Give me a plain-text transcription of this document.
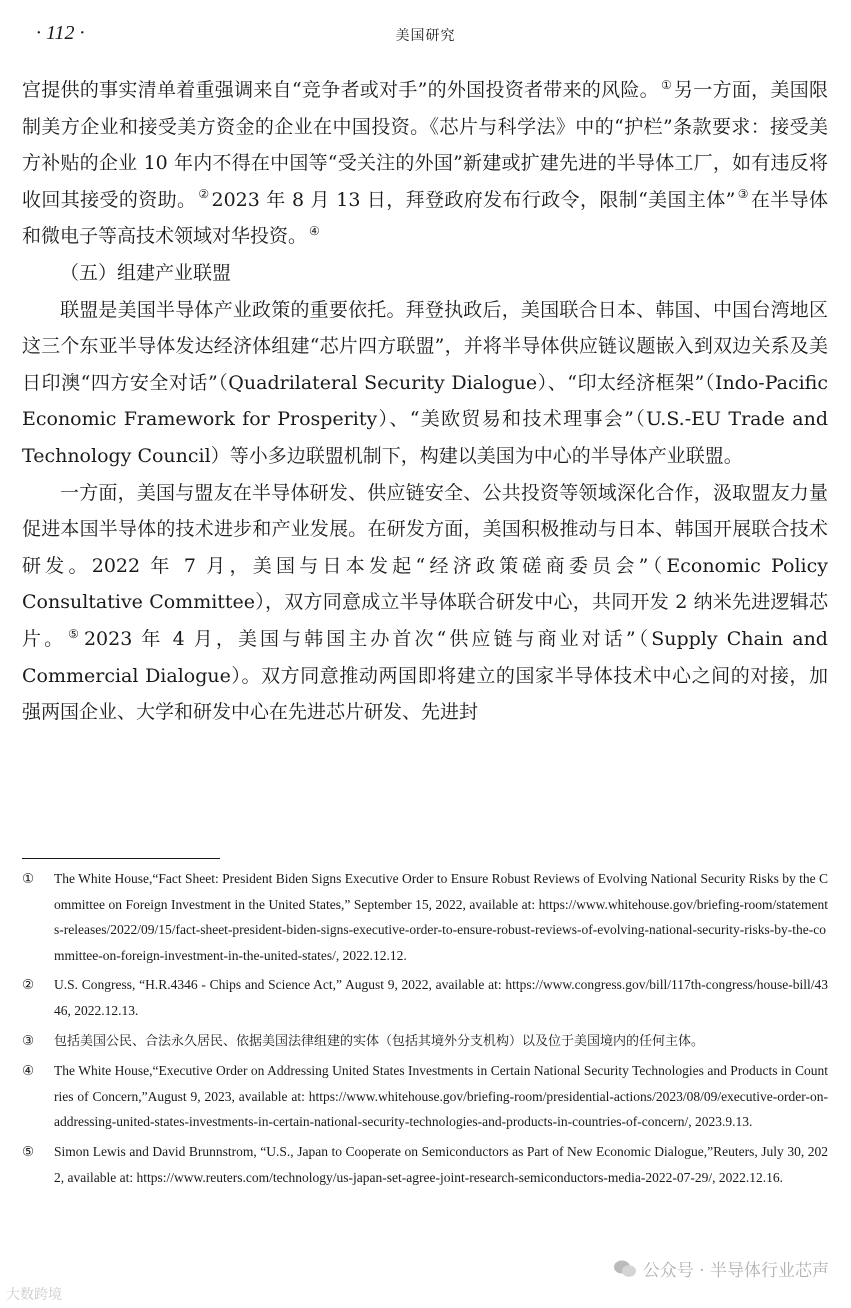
· 112 ·	美国研究

宫提供的事实清单着重强调来自“竞争者或对手”的外国投资者带来的风险。 ① 另一方面，美国限制美方企业和接受美方资金的企业在中国投资。《芯片与科学法》中的“护栏”条款要求：接受美方补贴的企业 10 年内不得在中国等“受关注的外国”新建或扩建先进的半导体工厂，如有违反将收回其接受的资助。 ② 2023 年 8 月 13 日，拜登政府发布行政令，限制“美国主体” ③ 在半导体和微电子等高技术领域对华投资。 ④

（五）组建产业联盟

联盟是美国半导体产业政策的重要依托。拜登执政后，美国联合日本、韩国、中国台湾地区这三个东亚半导体发达经济体组建“芯片四方联盟”，并将半导体供应链议题嵌入到双边关系及美日印澳“四方安全对话”（Quadrilateral Security Dialogue）、“印太经济框架”（Indo-Pacific Economic Framework for Prosperity）、“美欧贸易和技术理事会”（U.S.-EU Trade and Technology Council）等小多边联盟机制下，构建以美国为中心的半导体产业联盟。

一方面，美国与盟友在半导体研发、供应链安全、公共投资等领域深化合作，汲取盟友力量促进本国半导体的技术进步和产业发展。在研发方面，美国积极推动与日本、韩国开展联合技术研发。2022 年 7 月，美国与日本发起“经济政策磋商委员会”（Economic Policy Consultative Committee），双方同意成立半导体联合研发中心，共同开发 2 纳米先进逻辑芯片。 ⑤ 2023 年 4 月，美国与韩国主办首次“供应链与商业对话”（Supply Chain and Commercial Dialogue）。双方同意推动两国即将建立的国家半导体技术中心之间的对接，加强两国企业、大学和研发中心在先进芯片研发、先进封

① The White House,“Fact Sheet: President Biden Signs Executive Order to Ensure Robust Reviews of Evolving National Security Risks by the Committee on Foreign Investment in the United States,” September 15, 2022, available at: https://www.whitehouse.gov/briefing-room/statements-releases/2022/09/15/fact-sheet-president-biden-signs-executive-order-to-ensure-robust-reviews-of-evolving-national-security-risks-by-the-committee-on-foreign-investment-in-the-united-states/, 2022.12.12.
② U.S. Congress, “H.R.4346 - Chips and Science Act,” August 9, 2022, available at: https://www.congress.gov/bill/117th-congress/house-bill/4346, 2022.12.13.
③ 包括美国公民、合法永久居民、依据美国法律组建的实体（包括其境外分支机构）以及位于美国境内的任何主体。
④ The White House,“Executive Order on Addressing United States Investments in Certain National Security Technologies and Products in Countries of Concern,”August 9, 2023, available at: https://www.whitehouse.gov/briefing-room/presidential-actions/2023/08/09/executive-order-on-addressing-united-states-investments-in-certain-national-security-technologies-and-products-in-countries-of-concern/, 2023.9.13.
⑤ Simon Lewis and David Brunnstrom, “U.S., Japan to Cooperate on Semiconductors as Part of New Economic Dialogue,”Reuters, July 30, 2022, available at: https://www.reuters.com/technology/us-japan-set-agree-joint-research-semiconductors-media-2022-07-29/, 2022.12.16.
大数跨境
公众号 · 半导体行业芯声
